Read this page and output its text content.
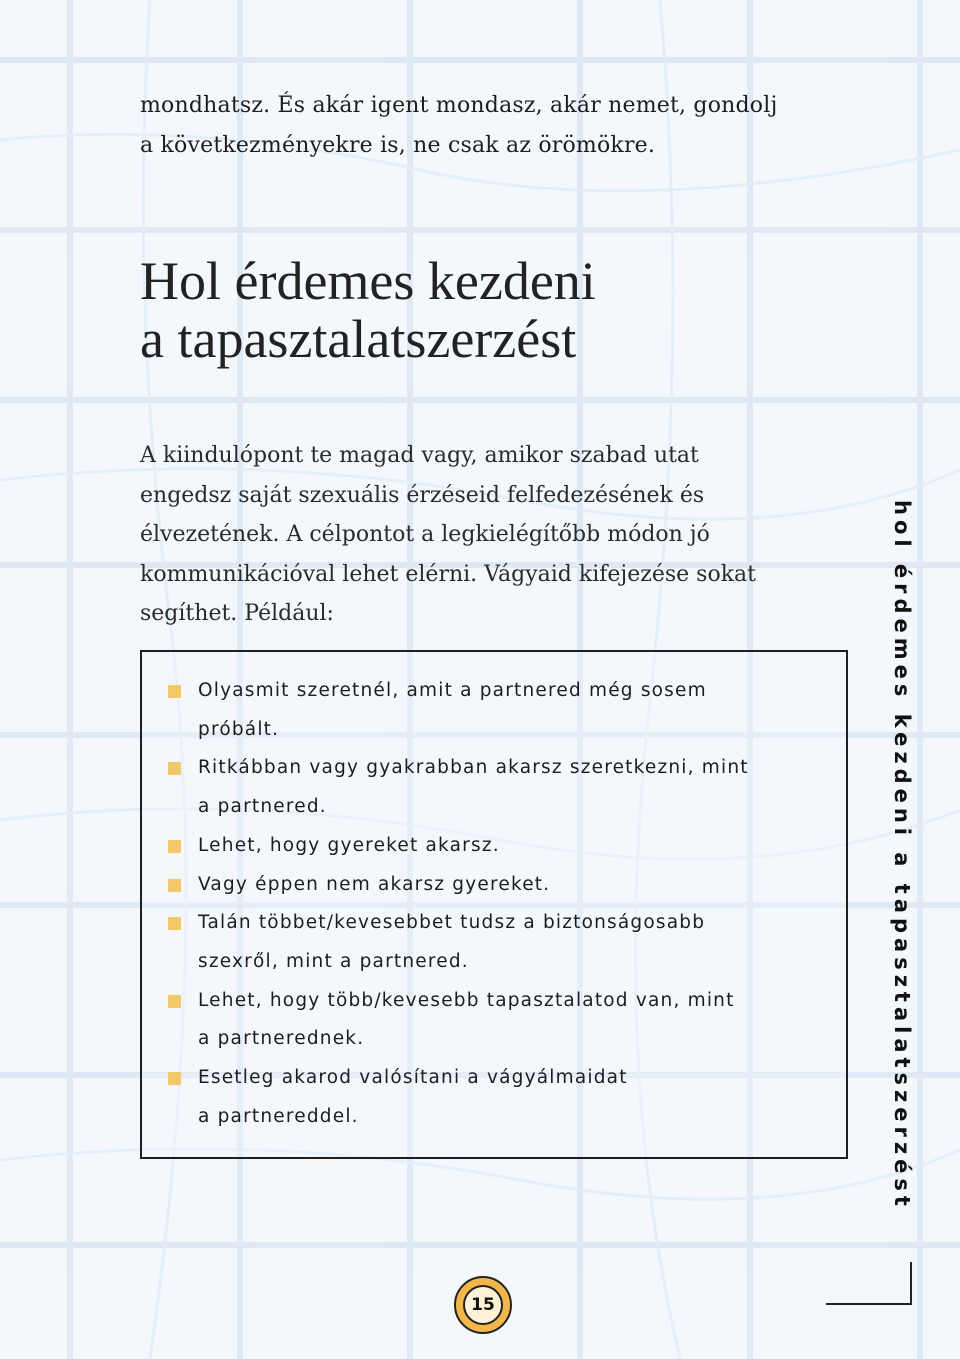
mondhatsz. És akár igent mondasz, akár nemet, gondolj
a következményekre is, ne csak az örömökre.
Hol érdemes kezdeni
a tapasztalatszerzést
A kiindulópont te magad vagy, amikor szabad utat
engedsz saját szexuális érzéseid felfedezésének és
élvezetének. A célpontot a legkielégítőbb módon jó
kommunikációval lehet elérni. Vágyaid kifejezése sokat
segíthet. Például:
Olyasmit szeretnél, amit a partnered még sosem
próbált.
Ritkábban vagy gyakrabban akarsz szeretkezni, mint
a partnered.
Lehet, hogy gyereket akarsz.
Vagy éppen nem akarsz gyereket.
Talán többet/kevesebbet tudsz a biztonságosabb
szexről, mint a partnered.
Lehet, hogy több/kevesebb tapasztalatod van, mint
a partnerednek.
Esetleg akarod valósítani a vágyálmaidat
a partnereddel.	hol érdemes kezdeni a tapasztalatszerzést
15
